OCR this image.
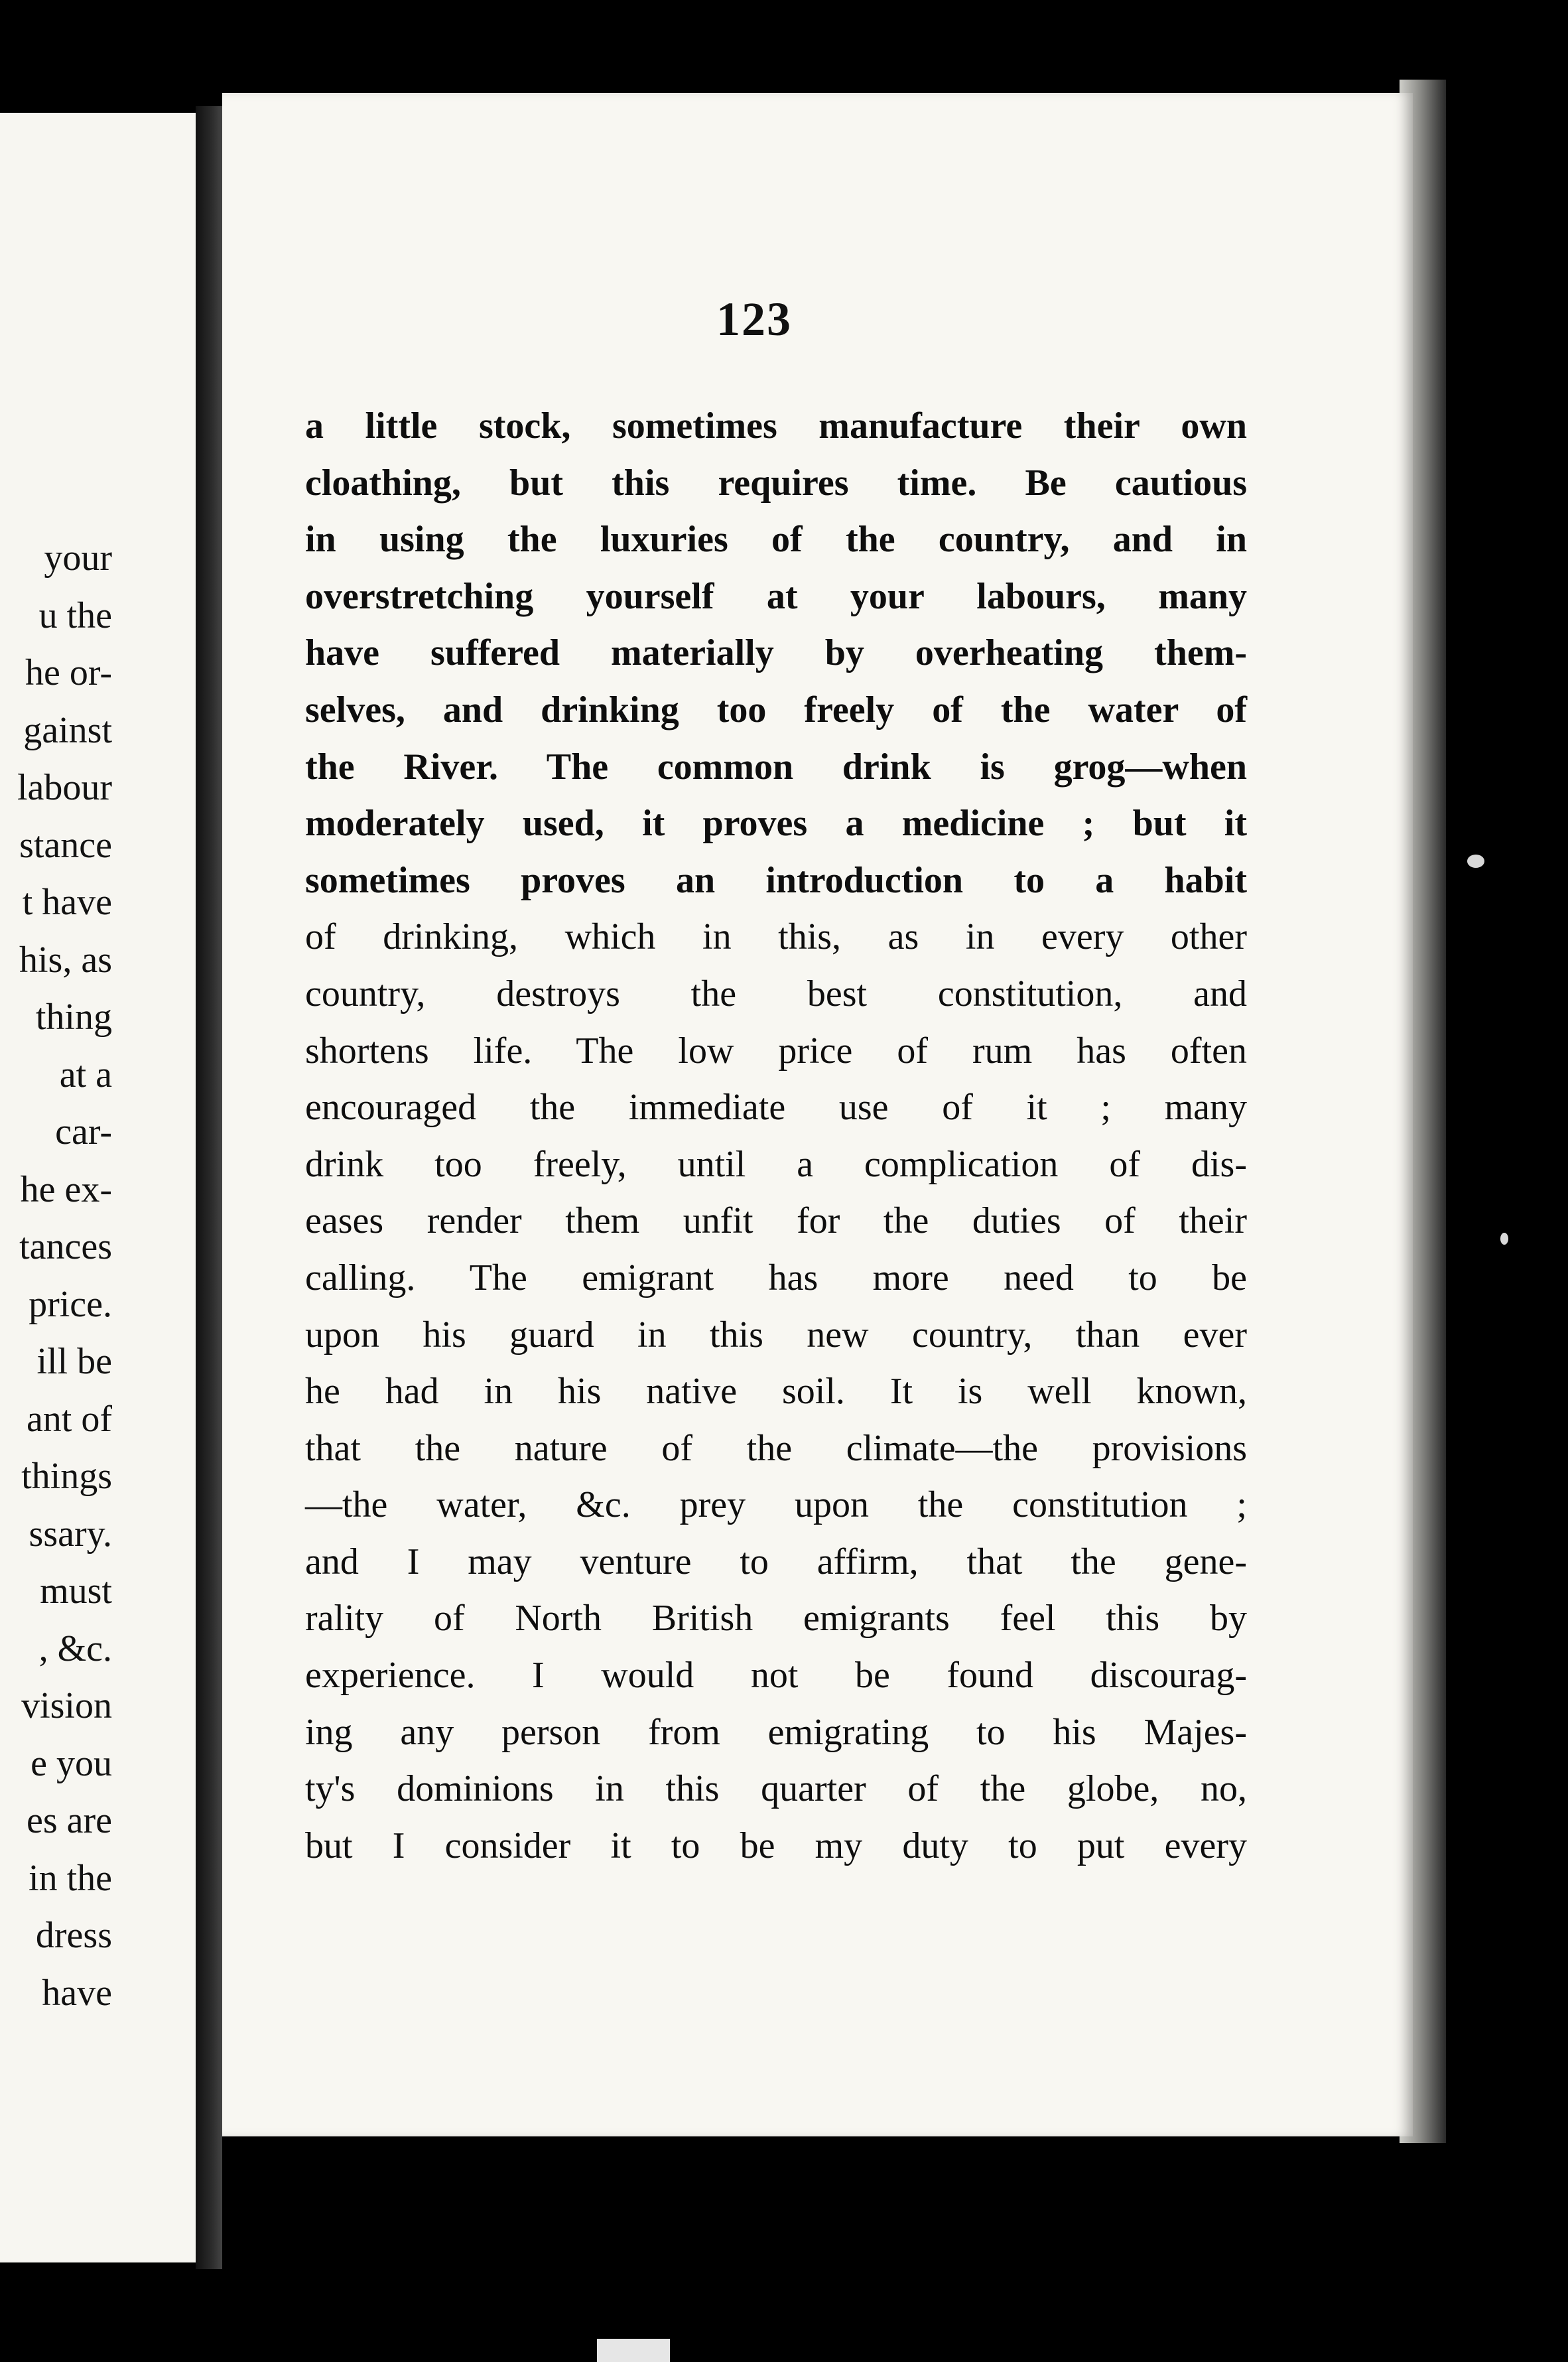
your
u the
he or-
gainst
labour
stance
t have
his, as
thing
at a
car-
he ex-
tances
price.
ill be
ant of
things
ssary.
must
, &c.
vision
e you
es are
in the
dress
have
123
a little stock, sometimes manufacture their own
cloathing, but this requires time. Be cautious
in using the luxuries of the country, and in
overstretching yourself at your labours, many
have suffered materially by overheating them-
selves, and drinking too freely of the water of
the River. The common drink is grog—when
moderately used, it proves a medicine ; but it
sometimes proves an introduction to a habit
of drinking, which in this, as in every other
country, destroys the best constitution, and
shortens life. The low price of rum has often
encouraged the immediate use of it ; many
drink too freely, until a complication of dis-
eases render them unfit for the duties of their
calling. The emigrant has more need to be
upon his guard in this new country, than ever
he had in his native soil. It is well known,
that the nature of the climate—the provisions
—the water, &c. prey upon the constitution ;
and I may venture to affirm, that the gene-
rality of North British emigrants feel this by
experience. I would not be found discourag-
ing any person from emigrating to his Majes-
ty's dominions in this quarter of the globe, no,
but I consider it to be my duty to put every
